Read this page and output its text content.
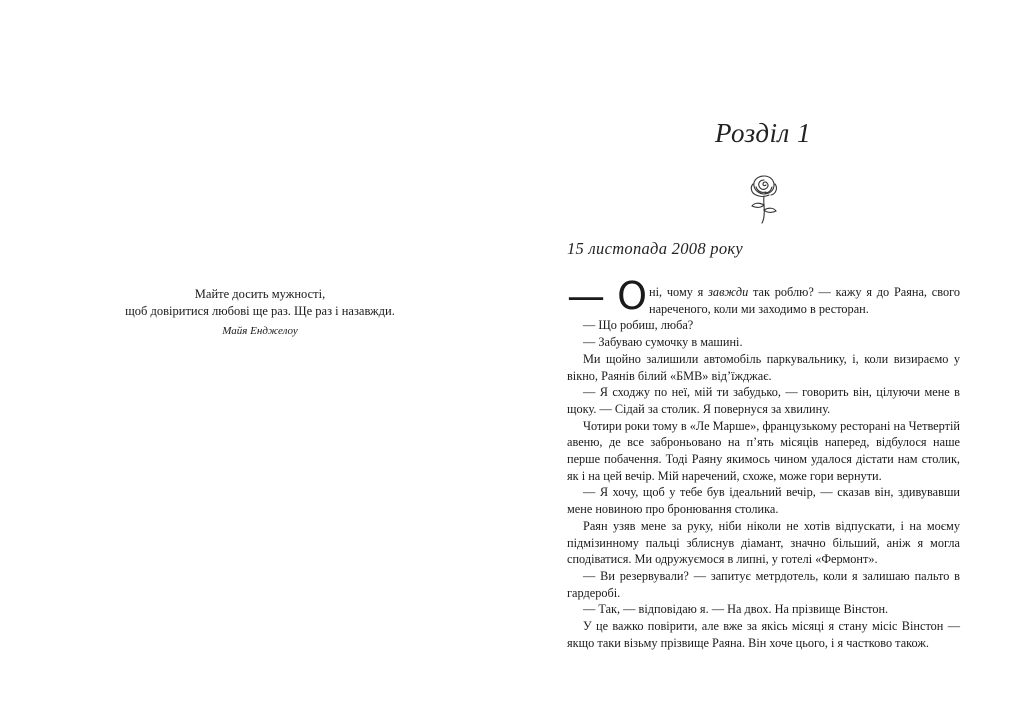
Майте досить мужності,
щоб довіритися любові ще раз. Ще раз і назавжди.
Майя Енджелоу
Розділ 1
15 листопада 2008 року

— О ні, чому я завжди так роблю? — кажу я до Раяна, свого нареченого, коли ми заходимо в ресторан.

— Що робиш, люба?

— Забуваю сумочку в машині.

Ми щойно залишили автомобіль паркувальнику, і, коли визираємо у вікно, Раянів білий «БМВ» від’їжджає.

— Я сходжу по неї, мій ти забудько, — говорить він, цілуючи мене в щоку. — Сідай за столик. Я повернуся за хвилину.

Чотири роки тому в «Ле Марше», французькому ресторані на Четвертій авеню, де все заброньовано на п’ять місяців наперед, відбулося наше перше побачення. Тоді Раяну якимось чином удалося дістати нам столик, як і на цей вечір. Мій наречений, схоже, може гори вернути.

— Я хочу, щоб у тебе був ідеальний вечір, — сказав він, здивувавши мене новиною про бронювання столика.

Раян узяв мене за руку, ніби ніколи не хотів відпускати, і на моєму підмізинному пальці зблиснув діамант, значно більший, аніж я могла сподіватися. Ми одружуємося в липні, у готелі «Фермонт».

— Ви резервували? — запитує метрдотель, коли я залишаю пальто в гардеробі.

— Так, — відповідаю я. — На двох. На прізвище Вінстон.

У це важко повірити, але вже за якісь місяці я стану місіс Вінстон — якщо таки візьму прізвище Раяна. Він хоче цього, і я частково також.
